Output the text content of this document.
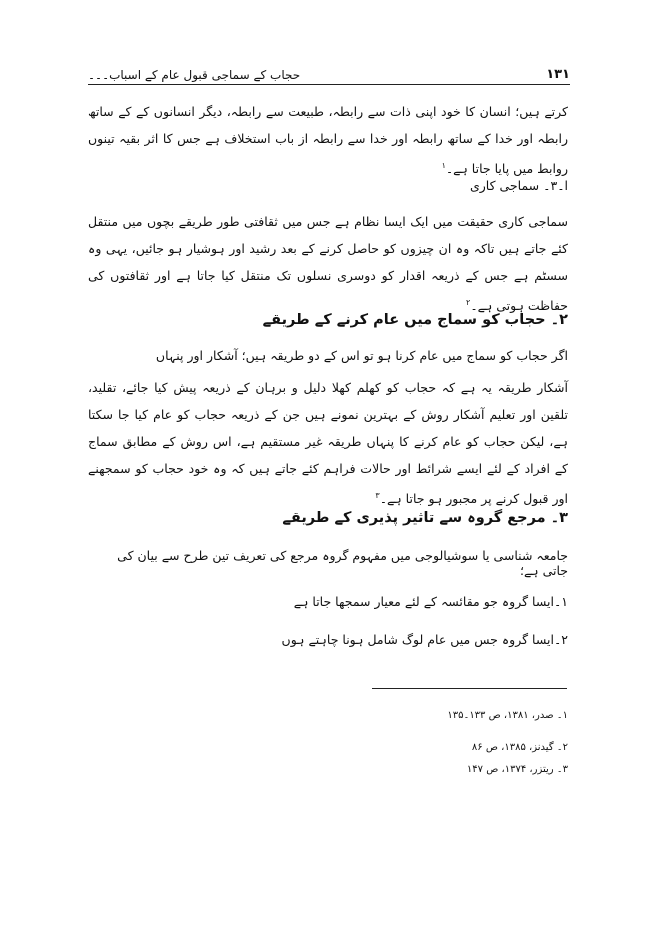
حجاب کے سماجی قبول عام کے اسباب۔۔۔	۱۳۱
کرتے ہیں؛ انسان کا خود اپنی ذات سے رابطہ، طبیعت سے رابطہ، دیگر انسانوں کے کے ساتھ رابطہ اور خدا کے ساتھ رابطہ اور خدا سے رابطہ از باب استخلاف ہے جس کا اثر بقیہ تینوں روابط میں پایا جاتا ہے۔$^۱$
ا۔۳۔ سماجی کاری
سماجی کاری حقیقت میں ایک ایسا نظام ہے جس میں ثقافتی طور طریقے بچوں میں منتقل کئے جاتے ہیں تاکہ وہ ان چیزوں کو حاصل کرنے کے بعد رشید اور ہوشیار ہو جائیں، یہی وہ سسٹم ہے جس کے ذریعہ اقدار کو دوسری نسلوں تک منتقل کیا جاتا ہے اور ثقافتوں کی حفاظت ہوتی ہے۔$^۲$
۲۔ حجاب کو سماج میں عام کرنے کے طریقے
اگر حجاب کو سماج میں عام کرنا ہو تو اس کے دو طریقہ ہیں؛ آشکار اور پنہاں
آشکار طریقہ یہ ہے کہ حجاب کو کھلم کھلا دلیل و برہان کے ذریعہ پیش کیا جائے، تقلید، تلقین اور تعلیم آشکار روش کے بہترین نمونے ہیں جن کے ذریعہ حجاب کو عام کیا جا سکتا ہے، لیکن حجاب کو عام کرنے کا پنہاں طریقہ غیر مستقیم ہے، اس روش کے مطابق سماج کے افراد کے لئے ایسے شرائط اور حالات فراہم کئے جاتے ہیں کہ وہ خود حجاب کو سمجھنے اور قبول کرنے پر مجبور ہو جاتا ہے۔$^۳$
۳۔ مرجع گروہ سے تاثیر پذیری کے طریقے
جامعہ شناسی یا سوشیالوجی میں مفہوم گروہ مرجع کی تعریف تین طرح سے بیان کی جاتی ہے؛
۱۔ایسا گروہ جو مقائسہ کے لئے معیار سمجھا جاتا ہے
۲۔ایسا گروہ جس میں عام لوگ شامل ہونا چاہتے ہوں
۱۔ صدر، ۱۳۸۱، ص ۱۳۳۔۱۳۵
۲۔ گیدنز، ۱۳۸۵، ص ۸۶
۳۔ ریتزر، ۱۳۷۴، ص ۱۴۷
